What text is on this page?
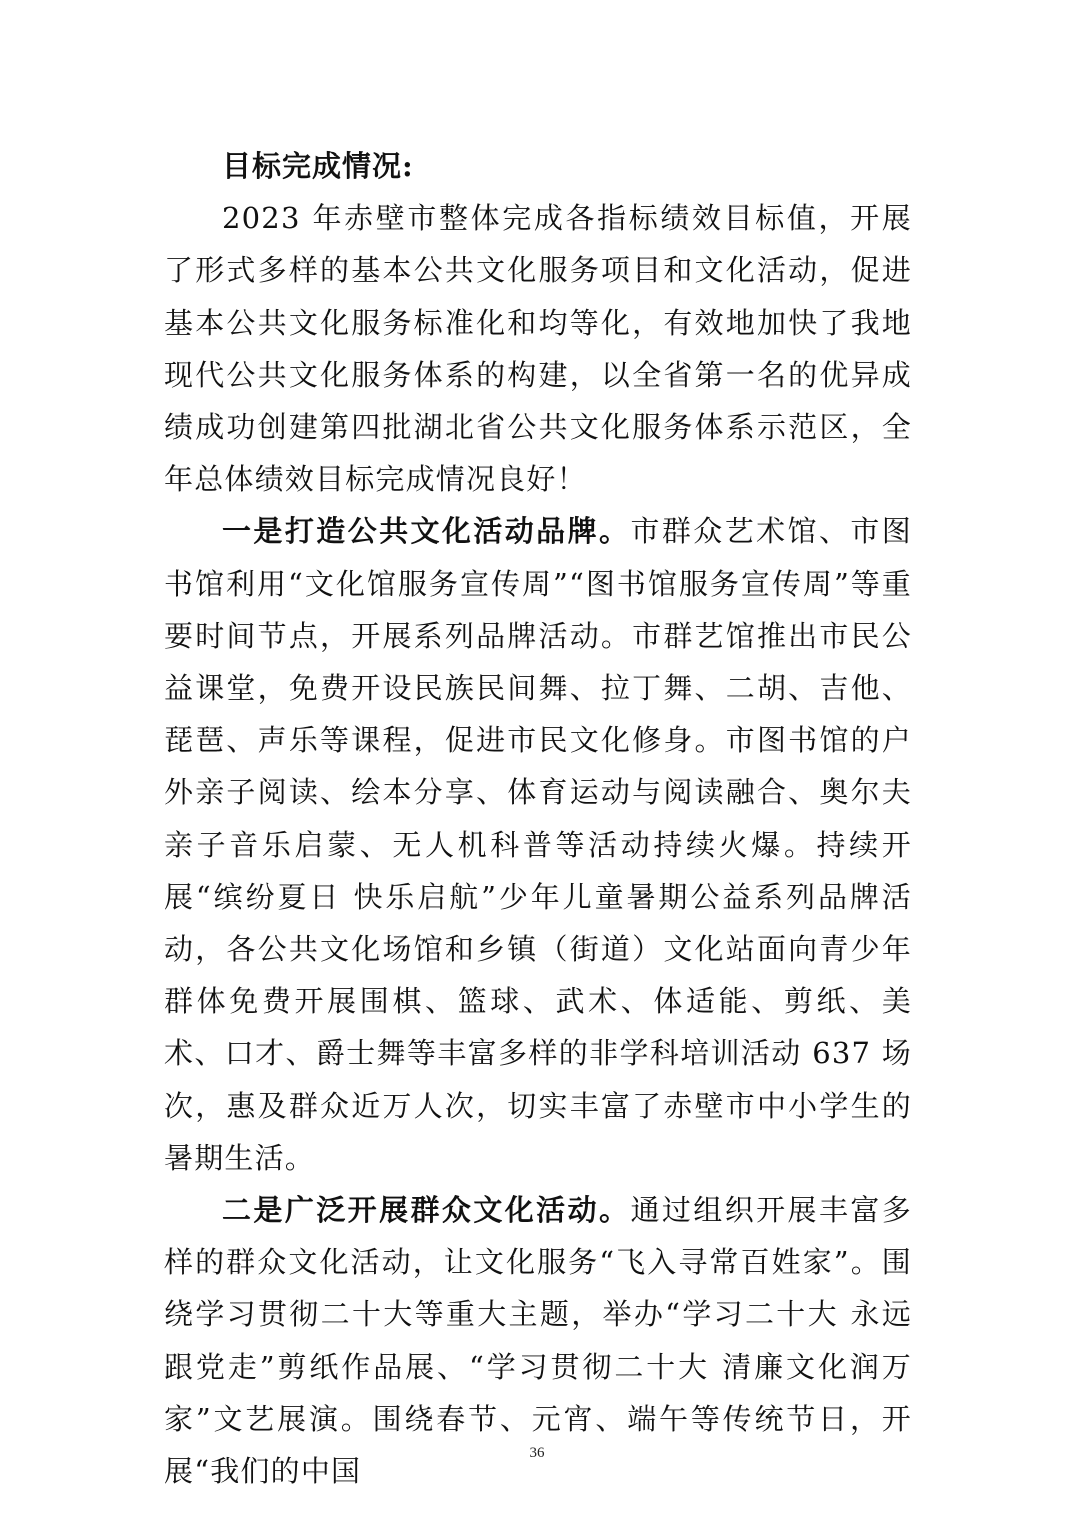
目标完成情况:

2023 年赤壁市整体完成各指标绩效目标值，开展了形式多样的基本公共文化服务项目和文化活动，促进基本公共文化服务标准化和均等化，有效地加快了我地现代公共文化服务体系的构建，以全省第一名的优异成绩成功创建第四批湖北省公共文化服务体系示范区，全年总体绩效目标完成情况良好！

一是打造公共文化活动品牌。市群众艺术馆、市图书馆利用“文化馆服务宣传周”“图书馆服务宣传周”等重要时间节点，开展系列品牌活动。市群艺馆推出市民公益课堂，免费开设民族民间舞、拉丁舞、二胡、吉他、琵琶、声乐等课程，促进市民文化修身。市图书馆的户外亲子阅读、绘本分享、体育运动与阅读融合、奥尔夫亲子音乐启蒙、无人机科普等活动持续火爆。持续开展“缤纷夏日 快乐启航”少年儿童暑期公益系列品牌活动，各公共文化场馆和乡镇（街道）文化站面向青少年群体免费开展围棋、篮球、武术、体适能、剪纸、美术、口才、爵士舞等丰富多样的非学科培训活动 637 场次，惠及群众近万人次，切实丰富了赤壁市中小学生的暑期生活。

二是广泛开展群众文化活动。通过组织开展丰富多样的群众文化活动，让文化服务“飞入寻常百姓家”。围绕学习贯彻二十大等重大主题，举办“学习二十大 永远跟党走”剪纸作品展、“学习贯彻二十大 清廉文化润万家”文艺展演。围绕春节、元宵、端午等传统节日，开展“我们的中国

36
